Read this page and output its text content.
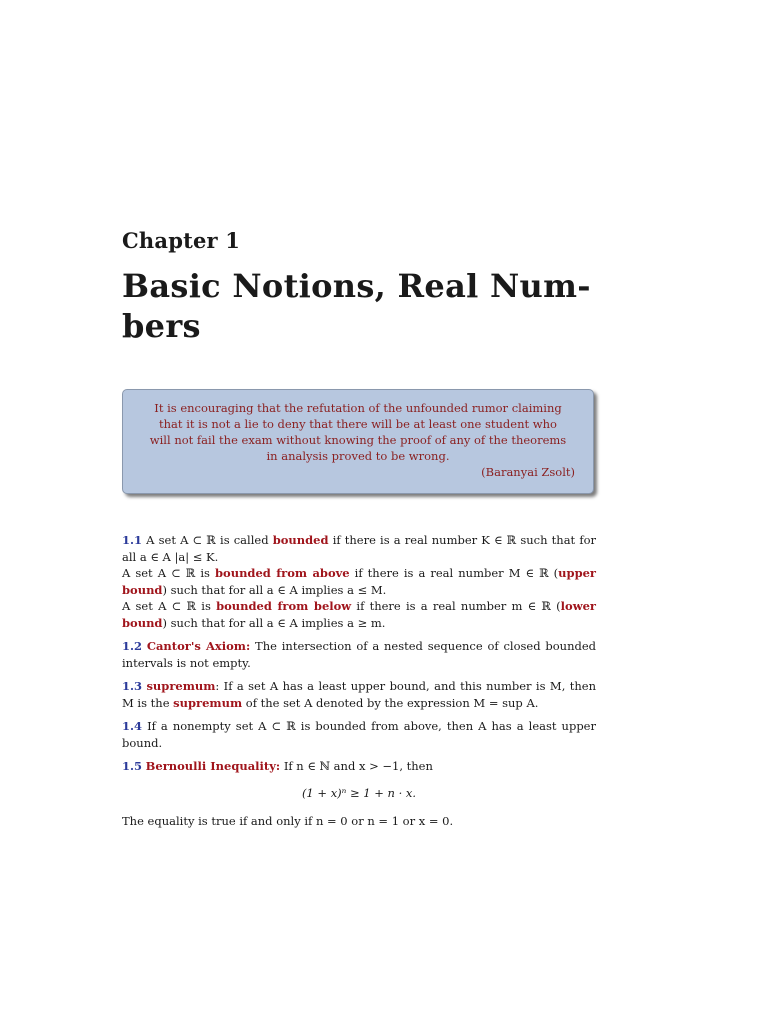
Chapter 1
Basic Notions, Real Num-
bers
It is encouraging that the refutation of the unfounded rumor claiming
that it is not a lie to deny that there will be at least one student who
will not fail the exam without knowing the proof of any of the theorems
in analysis proved to be wrong.
(Baranyai Zsolt)
1.1 A set A ⊂ ℝ is called bounded if there is a real number K ∈ ℝ such that for all a ∈ A |a| ≤ K.
A set A ⊂ ℝ is bounded from above if there is a real number M ∈ ℝ (upper bound) such that for all a ∈ A implies a ≤ M.
A set A ⊂ ℝ is bounded from below if there is a real number m ∈ ℝ (lower bound) such that for all a ∈ A implies a ≥ m.
1.2 Cantor's Axiom: The intersection of a nested sequence of closed bounded intervals is not empty.
1.3 supremum: If a set A has a least upper bound, and this number is M, then M is the supremum of the set A denoted by the expression M = sup A.
1.4 If a nonempty set A ⊂ ℝ is bounded from above, then A has a least upper bound.
1.5 Bernoulli Inequality: If n ∈ ℕ and x > −1, then
(1 + x)ⁿ ≥ 1 + n · x.
The equality is true if and only if n = 0 or n = 1 or x = 0.
